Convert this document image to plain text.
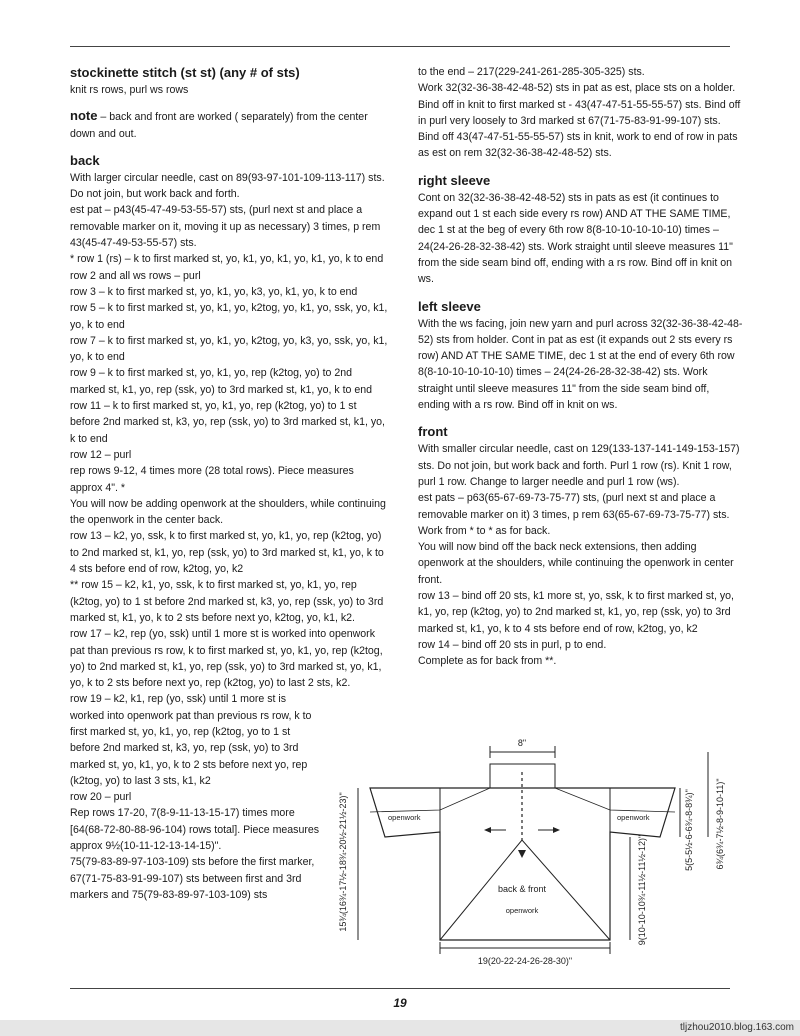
stockinette stitch (st st) (any # of sts)

knit rs rows, purl ws rows

note – back and front are worked ( separately) from the center down and out.

back

With larger circular needle, cast on 89(93-97-101-109-113-117) sts. Do not join, but work back and forth.
est pat – p43(45-47-49-53-55-57) sts, (purl next st and place a removable marker on it, moving it up as necessary) 3 times, p rem 43(45-47-49-53-55-57) sts.
* row 1 (rs) – k to first marked st, yo, k1, yo, k1, yo, k1, yo, k to end
row 2 and all ws rows – purl
row 3 – k to first marked st, yo, k1, yo, k3, yo, k1, yo, k to end
row 5 – k to first marked st, yo, k1, yo, k2tog, yo, k1, yo, ssk, yo, k1, yo, k to end
row 7 – k to first marked st, yo, k1, yo, k2tog, yo, k3, yo, ssk, yo, k1, yo, k to end
row 9 – k to first marked st, yo, k1, yo, rep (k2tog, yo) to 2nd marked st, k1, yo, rep (ssk, yo) to 3rd marked st, k1, yo, k to end
row 11 – k to first marked st, yo, k1, yo, rep (k2tog, yo) to 1 st before 2nd marked st, k3, yo, rep (ssk, yo) to 3rd marked st, k1, yo, k to end
row 12 – purl
rep rows 9-12, 4 times more (28 total rows). Piece measures approx 4". *
You will now be adding openwork at the shoulders, while continuing the openwork in the center back.
row 13 – k2, yo, ssk, k to first marked st, yo, k1, yo, rep (k2tog, yo) to 2nd marked st, k1, yo, rep (ssk, yo) to 3rd marked st, k1, yo, k to 4 sts before end of row, k2tog, yo, k2
** row 15 – k2, k1, yo, ssk, k to first marked st, yo, k1, yo, rep (k2tog, yo) to 1 st before 2nd marked st, k3, yo, rep (ssk, yo) to 3rd marked st, k1, yo, k to 2 sts before next yo, k2tog, yo, k1, k2.
row 17 – k2, rep (yo, ssk) until 1 more st is worked into openwork pat than previous rs row, k to first marked st, yo, k1, yo, rep (k2tog, yo) to 2nd marked st, k1, yo, rep (ssk, yo) to 3rd marked st, yo, k1, yo, k to 2 sts before next yo, rep (k2tog, yo) to last 2 sts, k2.

row 19 – k2, k1, rep (yo, ssk) until 1 more st is worked into openwork pat than previous rs row, k to first marked st, yo, k1, yo, rep (k2tog, yo to 1 st before 2nd marked st, k3, yo, rep (ssk, yo) to 3rd marked st, yo, k1, yo, k to 2 sts before next yo, rep (k2tog, yo) to last 3 sts, k1, k2
row 20 – purl
Rep rows 17-20, 7(8-9-11-13-15-17) times more [64(68-72-80-88-96-104) rows total]. Piece measures approx 9½(10-11-12-13-14-15)".
75(79-83-89-97-103-109) sts before the first marker, 67(71-75-83-91-99-107) sts between first and 3rd markers and 75(79-83-89-97-103-109) sts

to the end – 217(229-241-261-285-305-325) sts.
Work 32(32-36-38-42-48-52) sts in pat as est, place sts on a holder. Bind off in knit to first marked st - 43(47-47-51-55-55-57) sts. Bind off in purl very loosely to 3rd marked st 67(71-75-83-91-99-107) sts. Bind off 43(47-47-51-55-55-57) sts in knit, work to end of row in pats as est on rem 32(32-36-38-42-48-52) sts.

right sleeve

Cont on 32(32-36-38-42-48-52) sts in pats as est (it continues to expand out 1 st each side every rs row) AND AT THE SAME TIME, dec 1 st at the beg of every 6th row 8(8-10-10-10-10-10) times – 24(24-26-28-32-38-42) sts. Work straight until sleeve measures 11" from the side seam bind off, ending with a rs row. Bind off in knit on ws.

left sleeve

With the ws facing, join new yarn and purl across 32(32-36-38-42-48-52) sts from holder. Cont in pat as est (it expands out 2 sts every rs row) AND AT THE SAME TIME, dec 1 st at the end of every 6th row 8(8-10-10-10-10-10) times – 24(24-26-28-32-38-42) sts. Work straight until sleeve measures 11" from the side seam bind off, ending with a rs row. Bind off in knit on ws.

front

With smaller circular needle, cast on 129(133-137-141-149-153-157) sts. Do not join, but work back and forth. Purl 1 row (rs). Knit 1 row, purl 1 row. Change to larger needle and purl 1 row (ws).
est pats – p63(65-67-69-73-75-77) sts, (purl next st and place a removable marker on it) 3 times, p rem 63(65-67-69-73-75-77) sts.
Work from * to * as for back.
You will now bind off the back neck extensions, then adding openwork at the shoulders, while continuing the openwork in center front.
row 13 – bind off 20 sts, k1 more st, yo, ssk, k to first marked st, yo, k1, yo, rep (k2tog, yo) to 2nd marked st, k1, yo, rep (ssk, yo) to 3rd marked st, k1, yo, k to 4 sts before end of row, k2tog, yo, k2
row 14 – bind off 20 sts in purl, p to end.
Complete as for back from **.

8"
openwork	openwork
back & front
openwork
19(20-22-24-26-28-30)"
15¾(16¾-17½-18¾-20½-21½-23)"	9(10-10-10¾-11½-11½-12)"
5(5-5½-6-6¾-8-8¾)" 6¾(6¾-7½-8-9-10-11)"
19
tljzhou2010.blog.163.com
